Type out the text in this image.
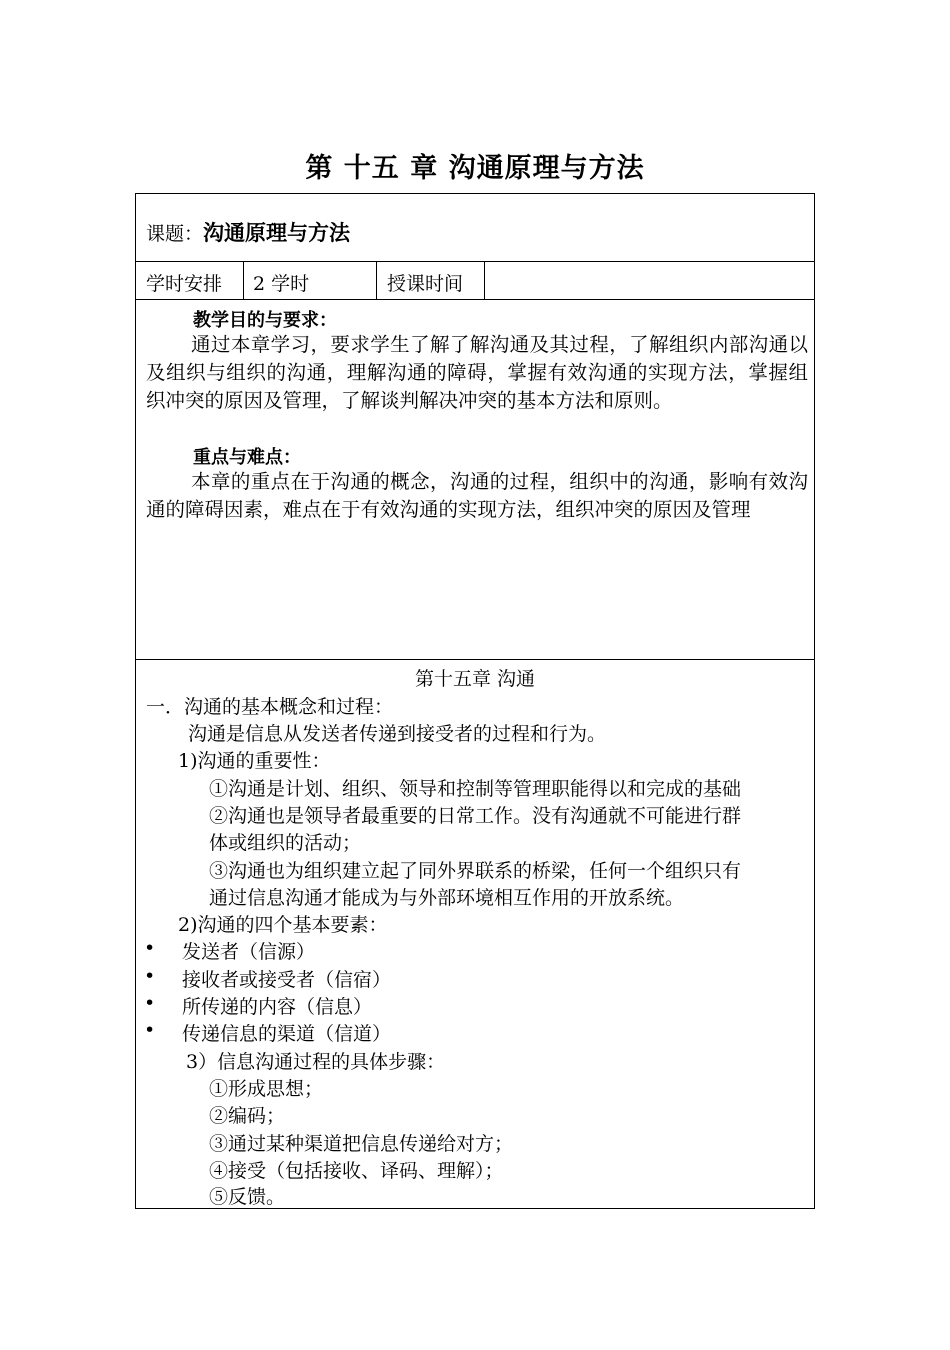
第 十五 章 沟通原理与方法
课题：沟通原理与方法
学时安排 2 学时	授课时间
教学目的与要求：
通过本章学习，要求学生了解了解沟通及其过程，了解组织内部沟通以及组织与组织的沟通，理解沟通的障碍，掌握有效沟通的实现方法，掌握组织冲突的原因及管理，了解谈判解决冲突的基本方法和原则。
重点与难点：
本章的重点在于沟通的概念，沟通的过程，组织中的沟通，影响有效沟通的障碍因素，难点在于有效沟通的实现方法，组织冲突的原因及管理
第十五章 沟通
一．沟通的基本概念和过程：
沟通是信息从发送者传递到接受者的过程和行为。
1)沟通的重要性：
①沟通是计划、组织、领导和控制等管理职能得以和完成的基础
②沟通也是领导者最重要的日常工作。没有沟通就不可能进行群
体或组织的活动；
③沟通也为组织建立起了同外界联系的桥梁，任何一个组织只有
通过信息沟通才能成为与外部环境相互作用的开放系统。
2)沟通的四个基本要素：
• 发送者（信源）
• 接收者或接受者（信宿）
• 所传递的内容（信息）
• 传递信息的渠道（信道）
3）信息沟通过程的具体步骤：
①形成思想；
②编码；
③通过某种渠道把信息传递给对方；
④接受（包括接收、译码、理解）；
⑤反馈。
